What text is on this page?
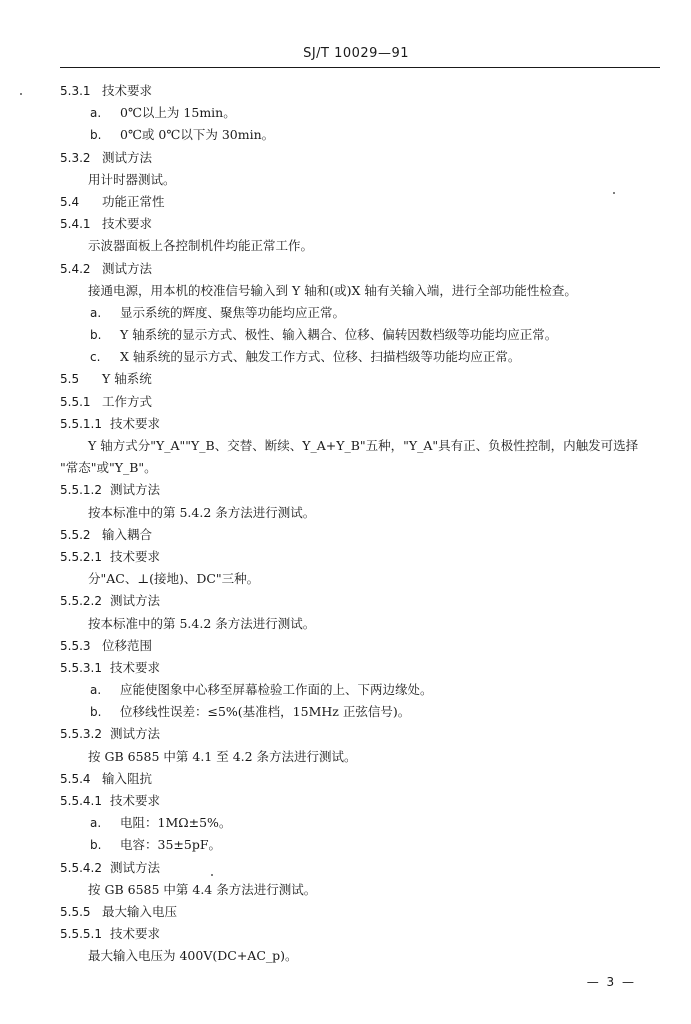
SJ/T 10029—91
5.3.1 技术要求
a. 0℃以上为 15min。
b. 0℃或 0℃以下为 30min。
5.3.2 测试方法
用计时器测试。
5.4 功能正常性
5.4.1 技术要求
示波器面板上各控制机件均能正常工作。
5.4.2 测试方法
接通电源，用本机的校准信号输入到 Y 轴和(或)X 轴有关输入端，进行全部功能性检查。
a. 显示系统的辉度、聚焦等功能均应正常。
b. Y 轴系统的显示方式、极性、输入耦合、位移、偏转因数档级等功能均应正常。
c. X 轴系统的显示方式、触发工作方式、位移、扫描档级等功能均应正常。
5.5 Y 轴系统
5.5.1 工作方式
5.5.1.1 技术要求
Y 轴方式分"Y_A""Y_B、交替、断续、Y_A+Y_B"五种，"Y_A"具有正、负极性控制，内触发可选择
"常态"或"Y_B"。
5.5.1.2 测试方法
按本标准中的第 5.4.2 条方法进行测试。
5.5.2 输入耦合
5.5.2.1 技术要求
分"AC、⊥(接地)、DC"三种。
5.5.2.2 测试方法
按本标准中的第 5.4.2 条方法进行测试。
5.5.3 位移范围
5.5.3.1 技术要求
a. 应能使图象中心移至屏幕检验工作面的上、下两边缘处。
b. 位移线性误差：≤5%(基准档，15MHz 正弦信号)。
5.5.3.2 测试方法
按 GB 6585 中第 4.1 至 4.2 条方法进行测试。
5.5.4 输入阻抗
5.5.4.1 技术要求
a. 电阻：1MΩ±5%。
b. 电容：35±5pF。
5.5.4.2 测试方法
按 GB 6585 中第 4.4 条方法进行测试。
5.5.5 最大输入电压
5.5.5.1 技术要求
最大输入电压为 400V(DC+AC_p)。
— 3 —
